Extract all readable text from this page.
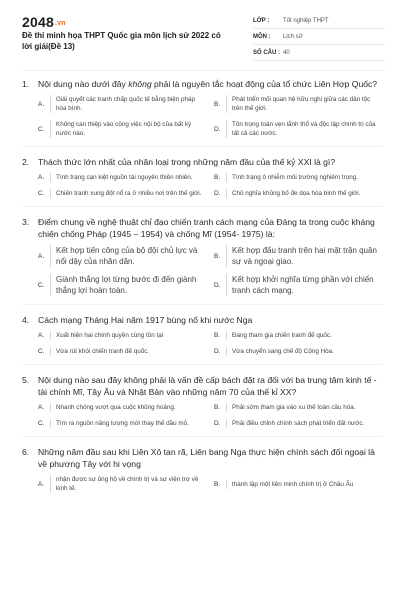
2048.vn
Đề thi minh họa THPT Quốc gia môn lịch sử 2022 có lời giải(Đề 13)
LỚP :	Tốt nghiệp THPT
MÔN :	Lịch sử
SỐ CÂU : 40
1.	Nội dung nào dưới đây không phải là nguyên tắc hoạt động của tổ chức Liên Hợp Quốc?
A.
Giải quyết các tranh chấp quốc tế bằng biện pháp hòa bình.
B.
Phát triển mối quan hệ hữu nghị giữa các dân tộc trên thế giới.
C.
Không can thiệp vào công việc nội bộ của bất kỳ nước nào.
D.
Tôn trọng toàn vẹn lãnh thổ và độc lập chính trị của tất cả các nước.
2.	Thách thức lớn nhất của nhân loại trong những năm đầu của thế kỷ XXI là gì?
A.	Tình trạng cạn kiệt nguồn tài nguyên thiên nhiên.	B.	Tình trạng ô nhiễm môi trường nghiêm trọng.
C.	Chiến tranh xung đột nổ ra ở nhiều nơi trên thế giới. D.	Chủ nghĩa khủng bố đe dọa hòa bình thế giới.
3.	Điểm chung về nghệ thuật chỉ đạo chiến tranh cách mạng của Đảng ta trong cuộc kháng chiến chống Pháp (1945 – 1954) và chống Mĩ (1954- 1975) là:
A.
Kết hợp tiến công của bộ đội chủ lực và nổi dậy của nhân dân.
B.
Kết hợp đấu tranh trên hai mặt trận quân sự và ngoại giao.
C.
Giành thắng lợi từng bước đi đến giành thắng lợi hoàn toàn.
D.
Kết hợp khởi nghĩa từng phần với chiến tranh cách mạng.
4.	Cách mạng Tháng Hai năm 1917 bùng nổ khi nước Nga
A.	Xuất hiện hai chính quyền cùng tồn tại	B.	Đang tham gia chiến tranh đế quốc.
C.	Vừa rút khỏi chiến tranh đế quốc.	D.	Vừa chuyển sang chế độ Cộng Hòa.
5.	Nội dung nào sau đây không phải là vấn đề cấp bách đặt ra đối với ba trung tâm kinh tế - tài chính Mĩ, Tây Âu và Nhật Bản vào những năm 70 của thế kỉ XX?
A.	Nhanh chóng vượt qua cuộc khủng hoảng.	B.	Phải sớm tham gia vào xu thế toàn cầu hóa.
C.	Tìm ra nguồn năng lượng mới thay thế dầu mỏ.	D.	Phải điều chỉnh chính sách phát triển đất nước.
6.	Những năm đầu sau khi Liên Xô tan rã, Liên bang Nga thực hiện chính sách đối ngoại là về phương Tây với hi vọng
A.
nhận được sự ủng hộ về chính trị và sự viện trợ về kinh tế.
B.	thành lập một liên minh chính trị ở Châu Âu
